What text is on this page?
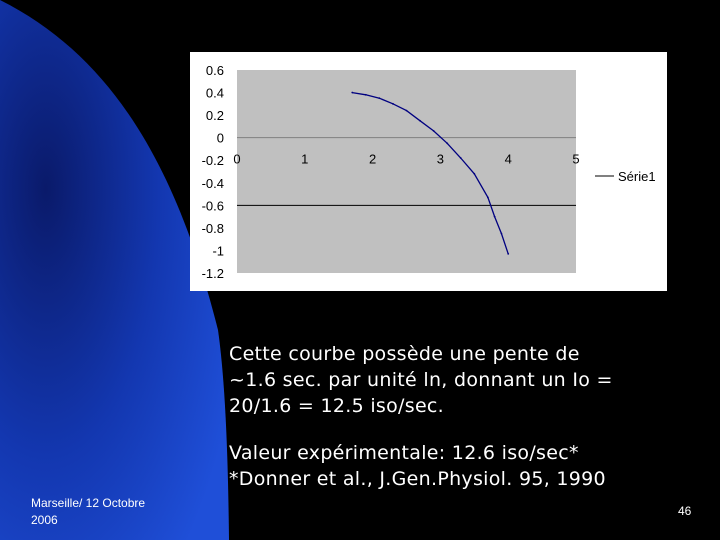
0.6
0.4
0.2
0
-0.2
-0.4
-0.6
-0.8
-1
-1.2
0	1	2	3	4	5
Série1
Cette courbe possède une pente de
~1.6 sec. par unité ln, donnant un Io =
20/1.6 = 12.5 iso/sec.
Valeur expérimentale: 12.6 iso/sec*
*Donner et al., J.Gen.Physiol. 95, 1990
Marseille/ 12 Octobre
2006
46
